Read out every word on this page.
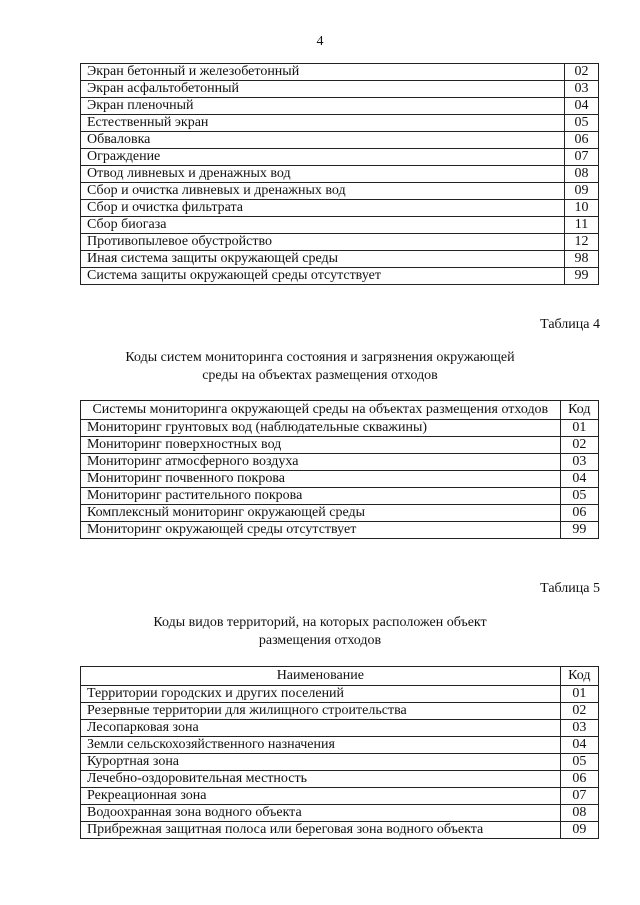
4
Экран бетонный и железобетонный	02
Экран асфальтобетонный	03
Экран пленочный	04
Естественный экран	05
Обваловка	06
Ограждение	07
Отвод ливневых и дренажных вод	08
Сбор и очистка ливневых и дренажных вод	09
Сбор и очистка фильтрата	10
Сбор биогаза	11
Противопылевое обустройство	12
Иная система защиты окружающей среды	98
Система защиты окружающей среды отсутствует	99
Таблица 4
Коды систем мониторинга состояния и загрязнения окружающей
среды на объектах размещения отходов
Системы мониторинга окружающей среды на объектах размещения отходов	Код
Мониторинг грунтовых вод (наблюдательные скважины)	01
Мониторинг поверхностных вод	02
Мониторинг атмосферного воздуха	03
Мониторинг почвенного покрова	04
Мониторинг растительного покрова	05
Комплексный мониторинг окружающей среды	06
Мониторинг окружающей среды отсутствует	99
Таблица 5
Коды видов территорий, на которых расположен объект
размещения отходов
Наименование	Код
Территории городских и других поселений	01
Резервные территории для жилищного строительства	02
Лесопарковая зона	03
Земли сельскохозяйственного назначения	04
Курортная зона	05
Лечебно-оздоровительная местность	06
Рекреационная зона	07
Водоохранная зона водного объекта	08
Прибрежная защитная полоса или береговая зона водного объекта	09
